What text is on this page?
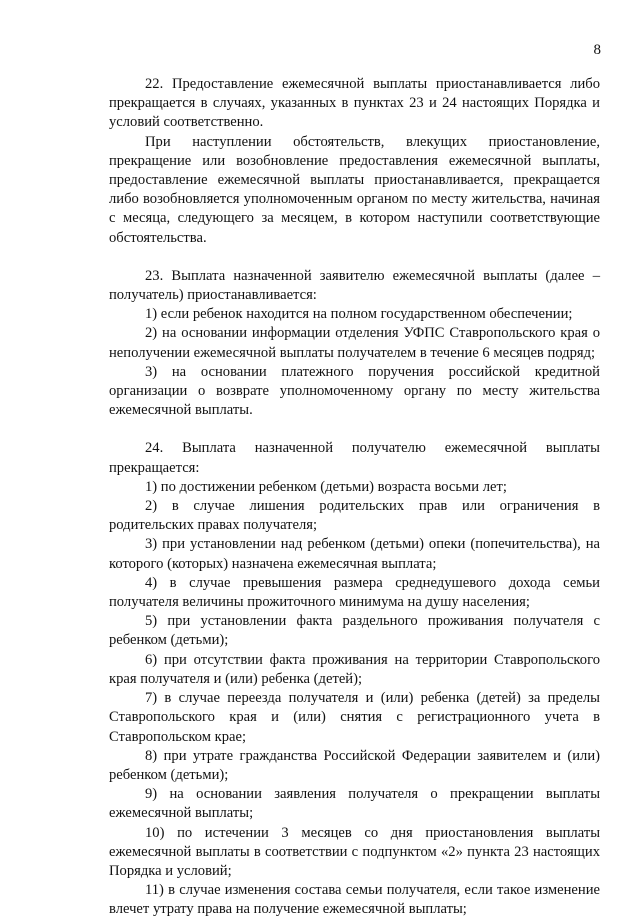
8

22. Предоставление ежемесячной выплаты приостанавливается либо прекращается в случаях, указанных в пунктах 23 и 24 настоящих Порядка и условий соответственно.

При наступлении обстоятельств, влекущих приостановление, прекращение или возобновление предоставления ежемесячной выплаты, предоставление ежемесячной выплаты приостанавливается, прекращается либо возобновляется уполномоченным органом по месту жительства, начиная с месяца, следующего за месяцем, в котором наступили соответствующие обстоятельства.

23. Выплата назначенной заявителю ежемесячной выплаты (далее – получатель) приостанавливается:

1) если ребенок находится на полном государственном обеспечении;

2) на основании информации отделения УФПС Ставропольского края о неполучении ежемесячной выплаты получателем в течение 6 месяцев подряд;

3) на основании платежного поручения российской кредитной организации о возврате уполномоченному органу по месту жительства ежемесячной выплаты.

24. Выплата назначенной получателю ежемесячной выплаты прекращается:

1) по достижении ребенком (детьми) возраста восьми лет;

2) в случае лишения родительских прав или ограничения в родительских правах получателя;

3) при установлении над ребенком (детьми) опеки (попечительства), на которого (которых) назначена ежемесячная выплата;

4) в случае превышения размера среднедушевого дохода семьи получателя величины прожиточного минимума на душу населения;

5) при установлении факта раздельного проживания получателя с ребенком (детьми);

6) при отсутствии факта проживания на территории Ставропольского края получателя и (или) ребенка (детей);

7) в случае переезда получателя и (или) ребенка (детей) за пределы Ставропольского края и (или) снятия с регистрационного учета в Ставропольском крае;

8) при утрате гражданства Российской Федерации заявителем и (или) ребенком (детьми);

9) на основании заявления получателя о прекращении выплаты ежемесячной выплаты;

10) по истечении 3 месяцев со дня приостановления выплаты ежемесячной выплаты в соответствии с подпунктом «2» пункта 23 настоящих Порядка и условий;

11) в случае изменения состава семьи получателя, если такое изменение влечет утрату права на получение ежемесячной выплаты;
